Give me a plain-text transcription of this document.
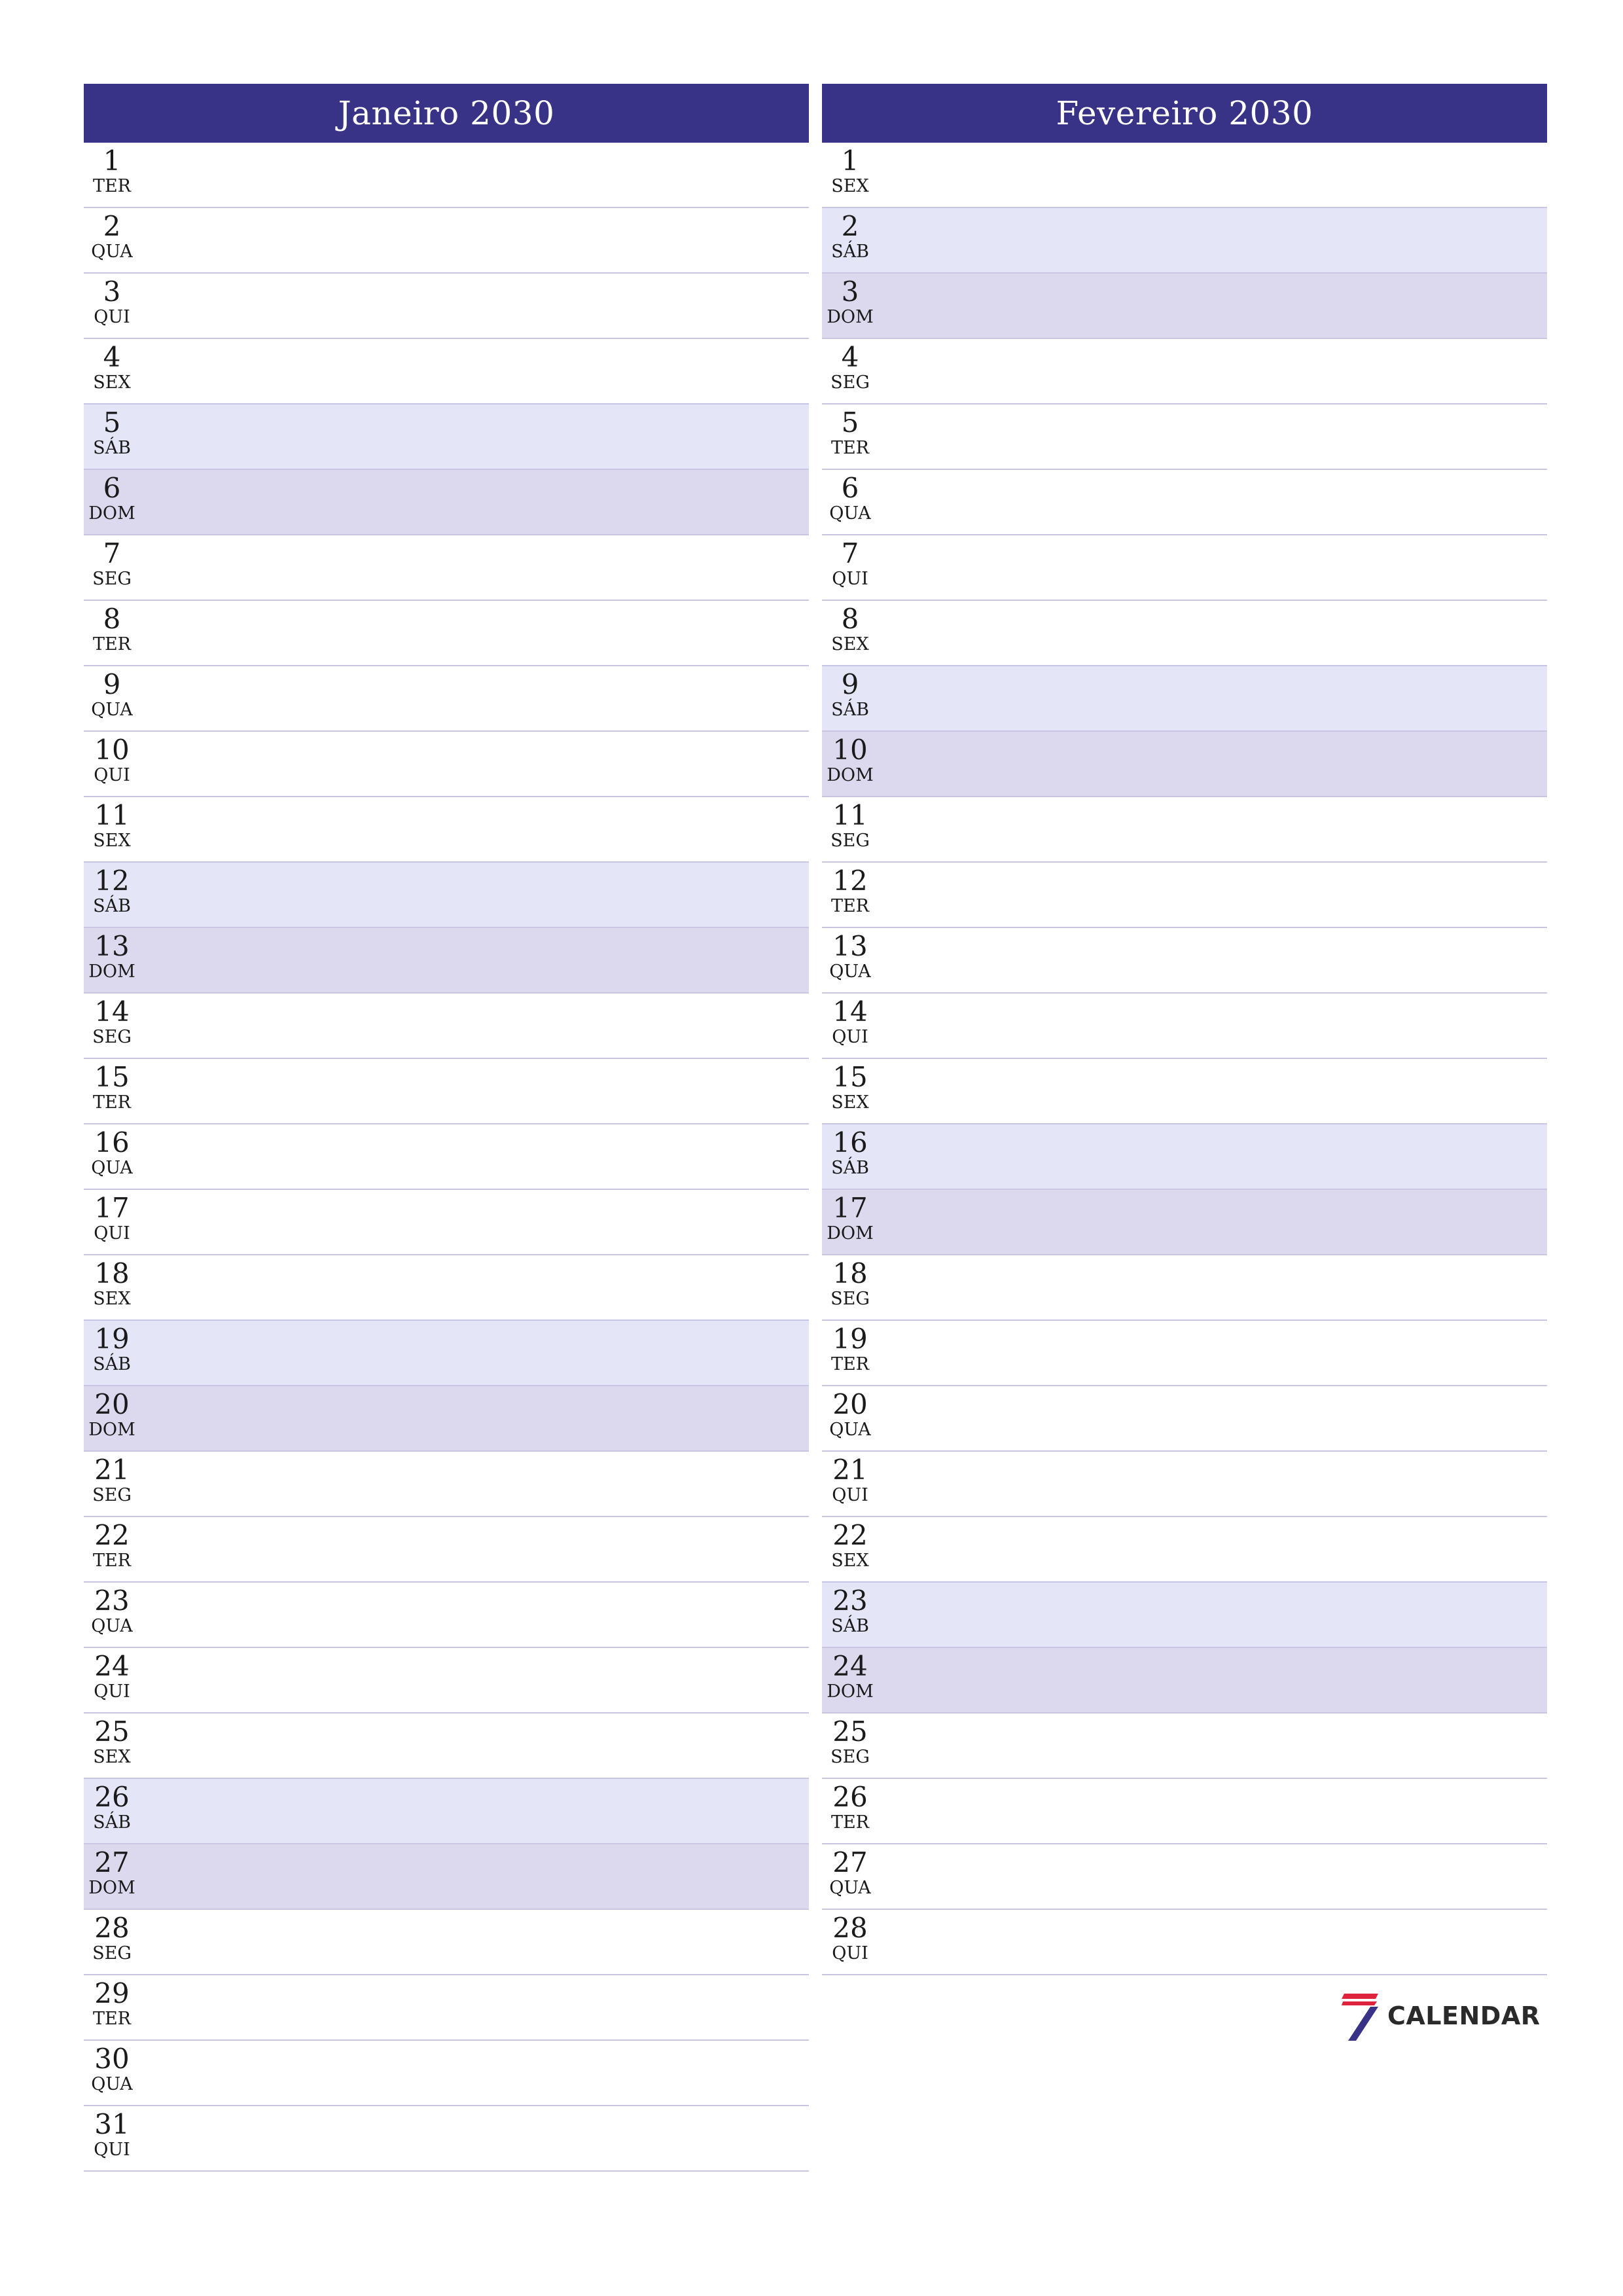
Janeiro 2030
1
TER
2
QUA
3
QUI
4
SEX
5
SÁB
6
DOM
7
SEG
8
TER
9
QUA
10
QUI
11
SEX
12
SÁB
13
DOM
14
SEG
15
TER
16
QUA
17
QUI
18
SEX
19
SÁB
20
DOM
21
SEG
22
TER
23
QUA
24
QUI
25
SEX
26
SÁB
27
DOM
28
SEG
29
TER
30
QUA
31
QUI
Fevereiro 2030
1
SEX
2
SÁB
3
DOM
4
SEG
5
TER
6
QUA
7
QUI
8
SEX
9
SÁB
10
DOM
11
SEG
12
TER
13
QUA
14
QUI
15
SEX
16
SÁB
17
DOM
18
SEG
19
TER
20
QUA
21
QUI
22
SEX
23
SÁB
24
DOM
25
SEG
26
TER
27
QUA
28
QUI
CALENDAR
